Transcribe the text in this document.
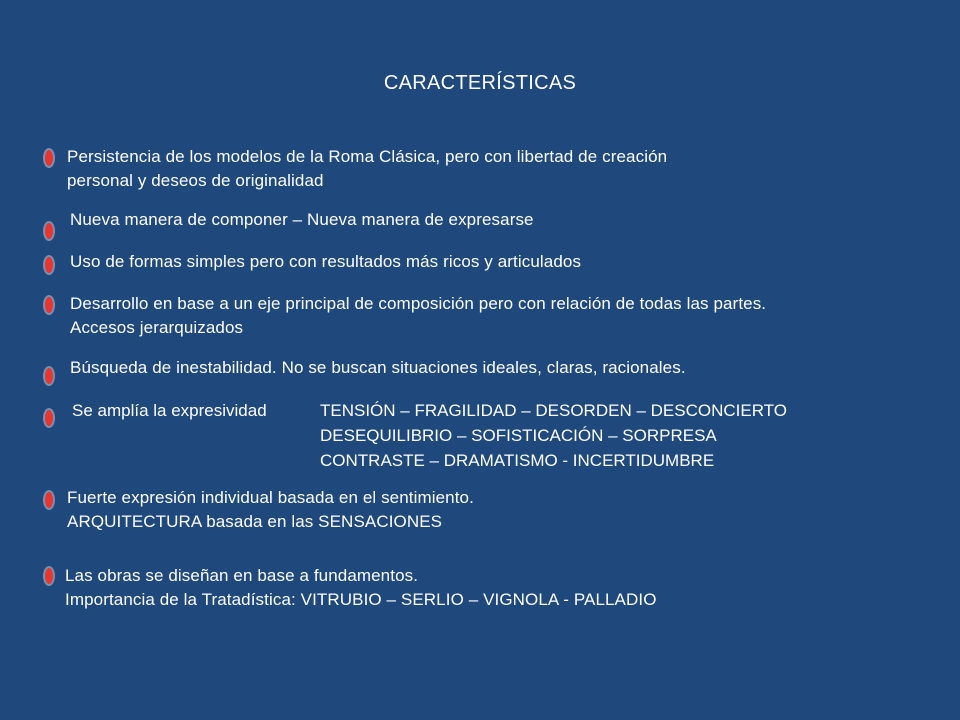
CARACTERÍSTICAS
Persistencia de los modelos de la Roma Clásica, pero con libertad de creación
personal y deseos de originalidad
Nueva manera de componer – Nueva manera de expresarse
Uso de formas simples pero con resultados más ricos y articulados
Desarrollo en base a un eje principal de composición pero con relación de todas las partes.
Accesos jerarquizados
Búsqueda de inestabilidad. No se buscan situaciones ideales, claras, racionales.
Se amplía la expresividad	TENSIÓN – FRAGILIDAD – DESORDEN – DESCONCIERTO
DESEQUILIBRIO – SOFISTICACIÓN – SORPRESA
CONTRASTE – DRAMATISMO - INCERTIDUMBRE
Fuerte expresión individual basada en el sentimiento.
ARQUITECTURA basada en las SENSACIONES
Las obras se diseñan en base a fundamentos.
Importancia de la Tratadística: VITRUBIO – SERLIO – VIGNOLA - PALLADIO
